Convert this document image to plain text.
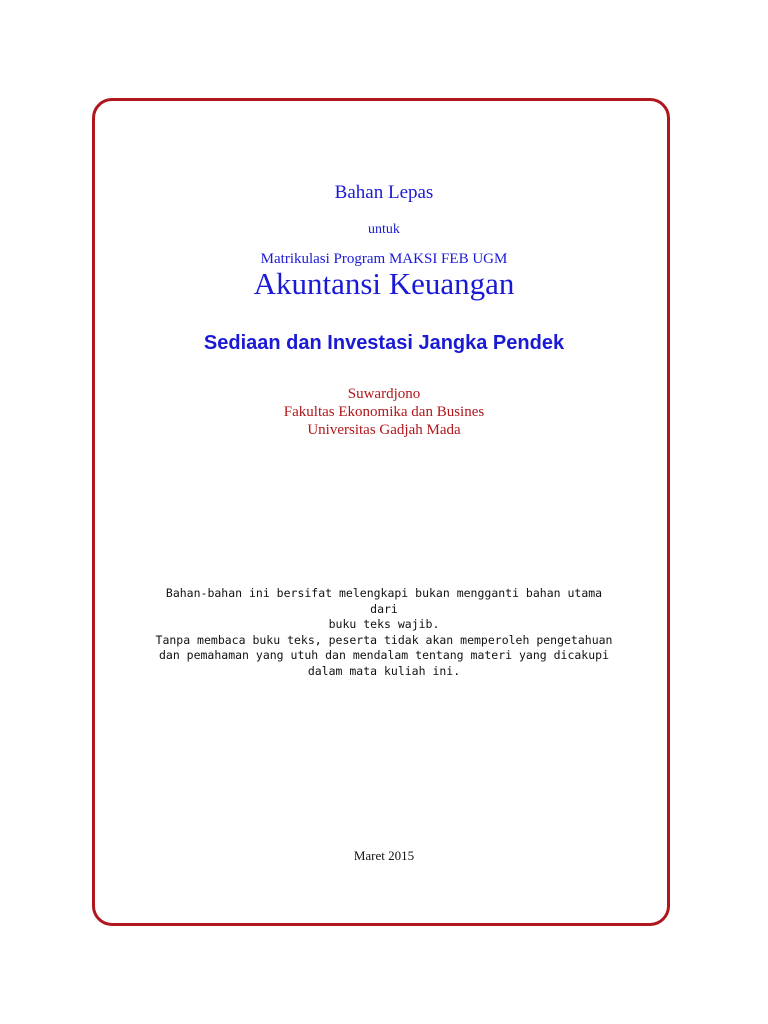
Bahan Lepas
untuk
Matrikulasi Program MAKSI FEB UGM
Akuntansi Keuangan
Sediaan dan Investasi Jangka Pendek
Suwardjono
Fakultas Ekonomika dan Busines
Universitas Gadjah Mada
Bahan-bahan ini bersifat melengkapi bukan mengganti bahan utama dari
buku teks wajib.
Tanpa membaca buku teks, peserta tidak akan memperoleh pengetahuan
dan pemahaman yang utuh dan mendalam tentang materi yang dicakupi
dalam mata kuliah ini.
Maret 2015
